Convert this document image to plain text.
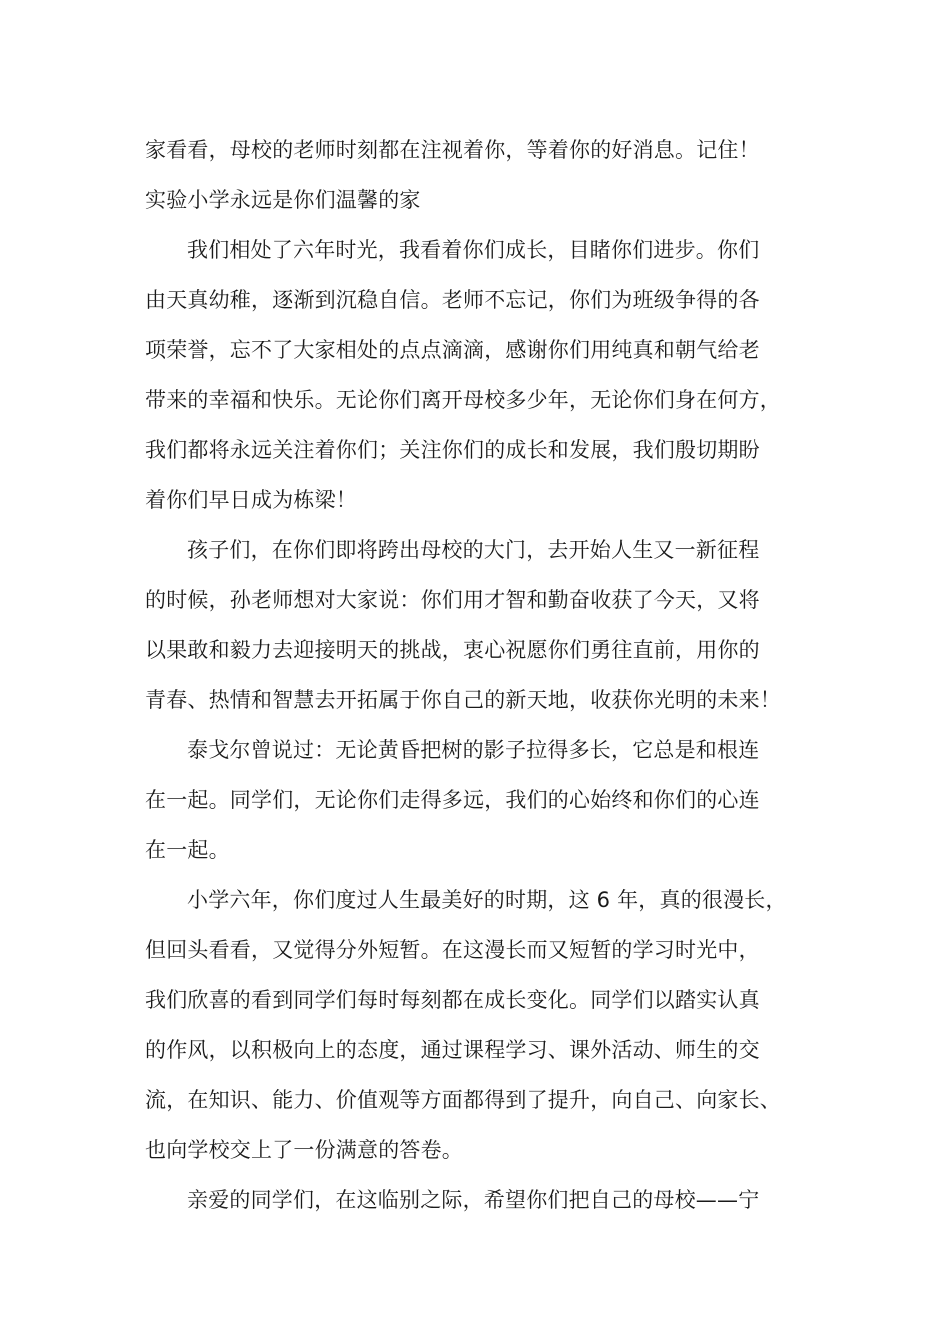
家看看，母校的老师时刻都在注视着你，等着你的好消息。记住！
实验小学永远是你们温馨的家
我们相处了六年时光，我看着你们成长，目睹你们进步。你们
由天真幼稚，逐渐到沉稳自信。老师不忘记，你们为班级争得的各
项荣誉，忘不了大家相处的点点滴滴，感谢你们用纯真和朝气给老
带来的幸福和快乐。无论你们离开母校多少年，无论你们身在何方，
我们都将永远关注着你们；关注你们的成长和发展，我们殷切期盼
着你们早日成为栋梁！
孩子们，在你们即将跨出母校的大门，去开始人生又一新征程
的时候，孙老师想对大家说：你们用才智和勤奋收获了今天，又将
以果敢和毅力去迎接明天的挑战，衷心祝愿你们勇往直前，用你的
青春、热情和智慧去开拓属于你自己的新天地，收获你光明的未来！
泰戈尔曾说过：无论黄昏把树的影子拉得多长，它总是和根连
在一起。同学们，无论你们走得多远，我们的心始终和你们的心连
在一起。
小学六年，你们度过人生最美好的时期，这 6 年，真的很漫长，
但回头看看，又觉得分外短暂。在这漫长而又短暂的学习时光中，
我们欣喜的看到同学们每时每刻都在成长变化。同学们以踏实认真
的作风，以积极向上的态度，通过课程学习、课外活动、师生的交
流，在知识、能力、价值观等方面都得到了提升，向自己、向家长、
也向学校交上了一份满意的答卷。
亲爱的同学们，在这临别之际，希望你们把自己的母校——宁
